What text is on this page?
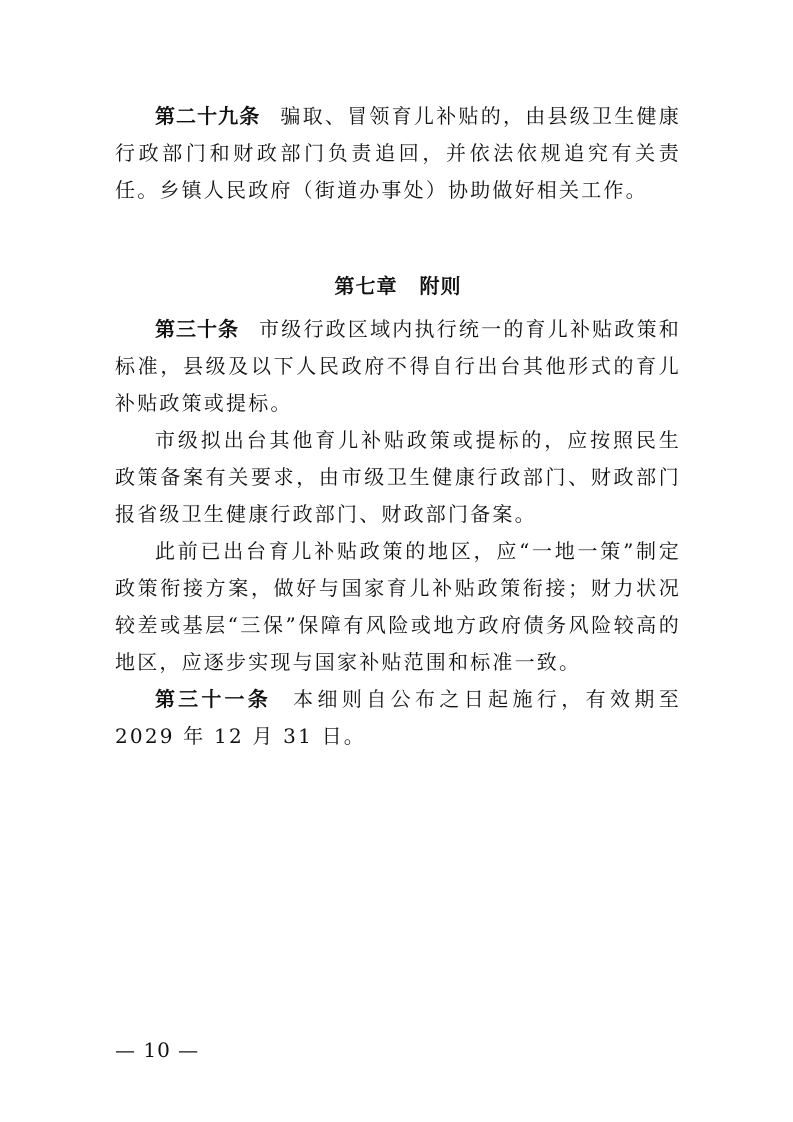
第二十九条 骗取、冒领育儿补贴的，由县级卫生健康行政部门和财政部门负责追回，并依法依规追究有关责任。乡镇人民政府（街道办事处）协助做好相关工作。

第七章 附则

第三十条 市级行政区域内执行统一的育儿补贴政策和标准，县级及以下人民政府不得自行出台其他形式的育儿补贴政策或提标。

市级拟出台其他育儿补贴政策或提标的，应按照民生政策备案有关要求，由市级卫生健康行政部门、财政部门报省级卫生健康行政部门、财政部门备案。

此前已出台育儿补贴政策的地区，应“一地一策”制定政策衔接方案，做好与国家育儿补贴政策衔接；财力状况较差或基层“三保”保障有风险或地方政府债务风险较高的地区，应逐步实现与国家补贴范围和标准一致。

第三十一条 本细则自公布之日起施行，有效期至 2029 年 12 月 31 日。

— 10 —
